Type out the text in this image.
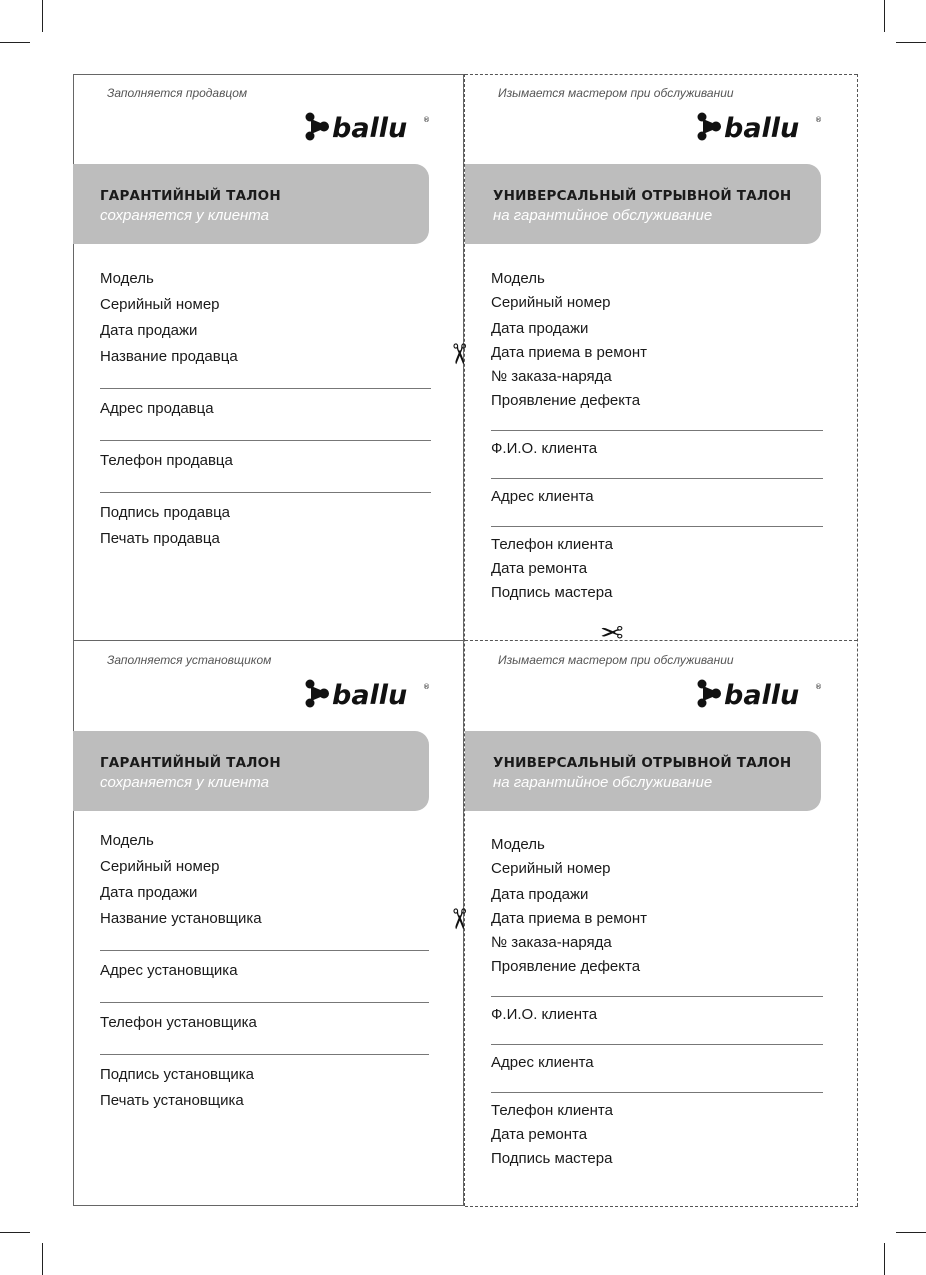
✂
✂
✂
Заполняется продавцом
ballu ®
ГАРАНТИЙНЫЙ ТАЛОН
сохраняется у клиента
Модель
Серийный номер
Дата продажи
Название продавца
Адрес продавца
Телефон продавца
Подпись продавца
Печать продавца
Изымается мастером при обслуживании
ballu ®
УНИВЕРСАЛЬНЫЙ ОТРЫВНОЙ ТАЛОН
на гарантийное обслуживание
Модель
Серийный номер
Дата продажи
Дата приема в ремонт
№ заказа-наряда
Проявление дефекта
Ф.И.О. клиента
Адрес клиента
Телефон клиента
Дата ремонта
Подпись мастера
Заполняется установщиком
ballu ®
ГАРАНТИЙНЫЙ ТАЛОН
сохраняется у клиента
Модель
Серийный номер
Дата продажи
Название установщика
Адрес установщика
Телефон установщика
Подпись установщика
Печать установщика
Изымается мастером при обслуживании
ballu ®
УНИВЕРСАЛЬНЫЙ ОТРЫВНОЙ ТАЛОН
на гарантийное обслуживание
Модель
Серийный номер
Дата продажи
Дата приема в ремонт
№ заказа-наряда
Проявление дефекта
Ф.И.О. клиента
Адрес клиента
Телефон клиента
Дата ремонта
Подпись мастера
